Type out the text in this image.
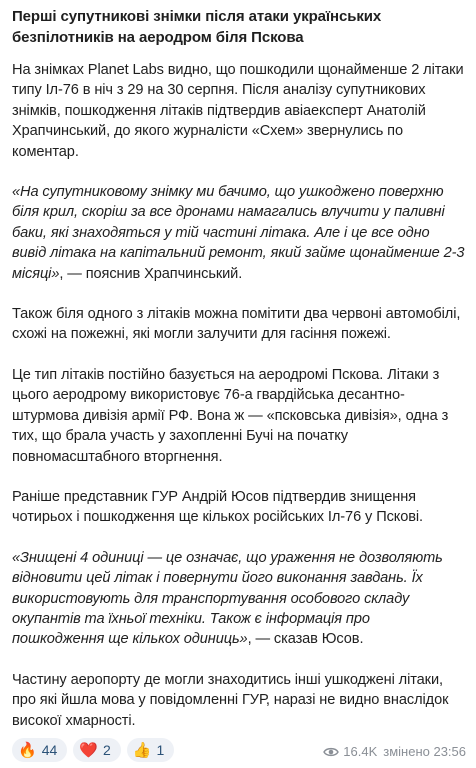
Перші супутникові знімки після атаки українських безпілотників на аеродром біля Пскова

На знімках Planet Labs видно, що пошкодили щонайменше 2 літаки типу Іл-76 в ніч з 29 на 30 серпня. Після аналізу супутникових знімків, пошкодження літаків підтвердив авіаексперт Анатолій Храпчинський, до якого журналісти «Схем» звернулись по коментар.

«На супутниковому знімку ми бачимо, що ушкоджено поверхню біля крил, скоріш за все дронами намагались влучити у паливні баки, які знаходяться у тій частині літака. Але і це все одно вивід літака на капітальний ремонт, який займе щонайменше 2-3 місяці», — пояснив Храпчинський.

Також біля одного з літаків можна помітити два червоні автомобілі, схожі на пожежні, які могли залучити для гасіння пожежі.

Це тип літаків постійно базується на аеродромі Пскова. Літаки з цього аеродрому використовує 76-а гвардійська десантно-штурмова дивізія армії РФ. Вона ж — «псковська дивізія», одна з тих, що брала участь у захопленні Бучі на початку повномасштабного вторгнення.

Раніше представник ГУР Андрій Юсов підтвердив знищення чотирьох і пошкодження ще кількох російських Іл-76 у Пскові.

«Знищені 4 одиниці — це означає, що ураження не дозволяють відновити цей літак і повернути його виконання завдань. Їх використовують для транспортування особового складу окупантів та їхньої техніки. Також є інформація про пошкодження ще кількох одиниць», — сказав Юсов.

Частину аеропорту де могли знаходитись інші ушкоджені літаки, про які йшла мова у повідомленні ГУР, наразі не видно внаслідок високої хмарності.

🔥 44 ❤️ 2 👍 1	16.4K змінено 23:56
